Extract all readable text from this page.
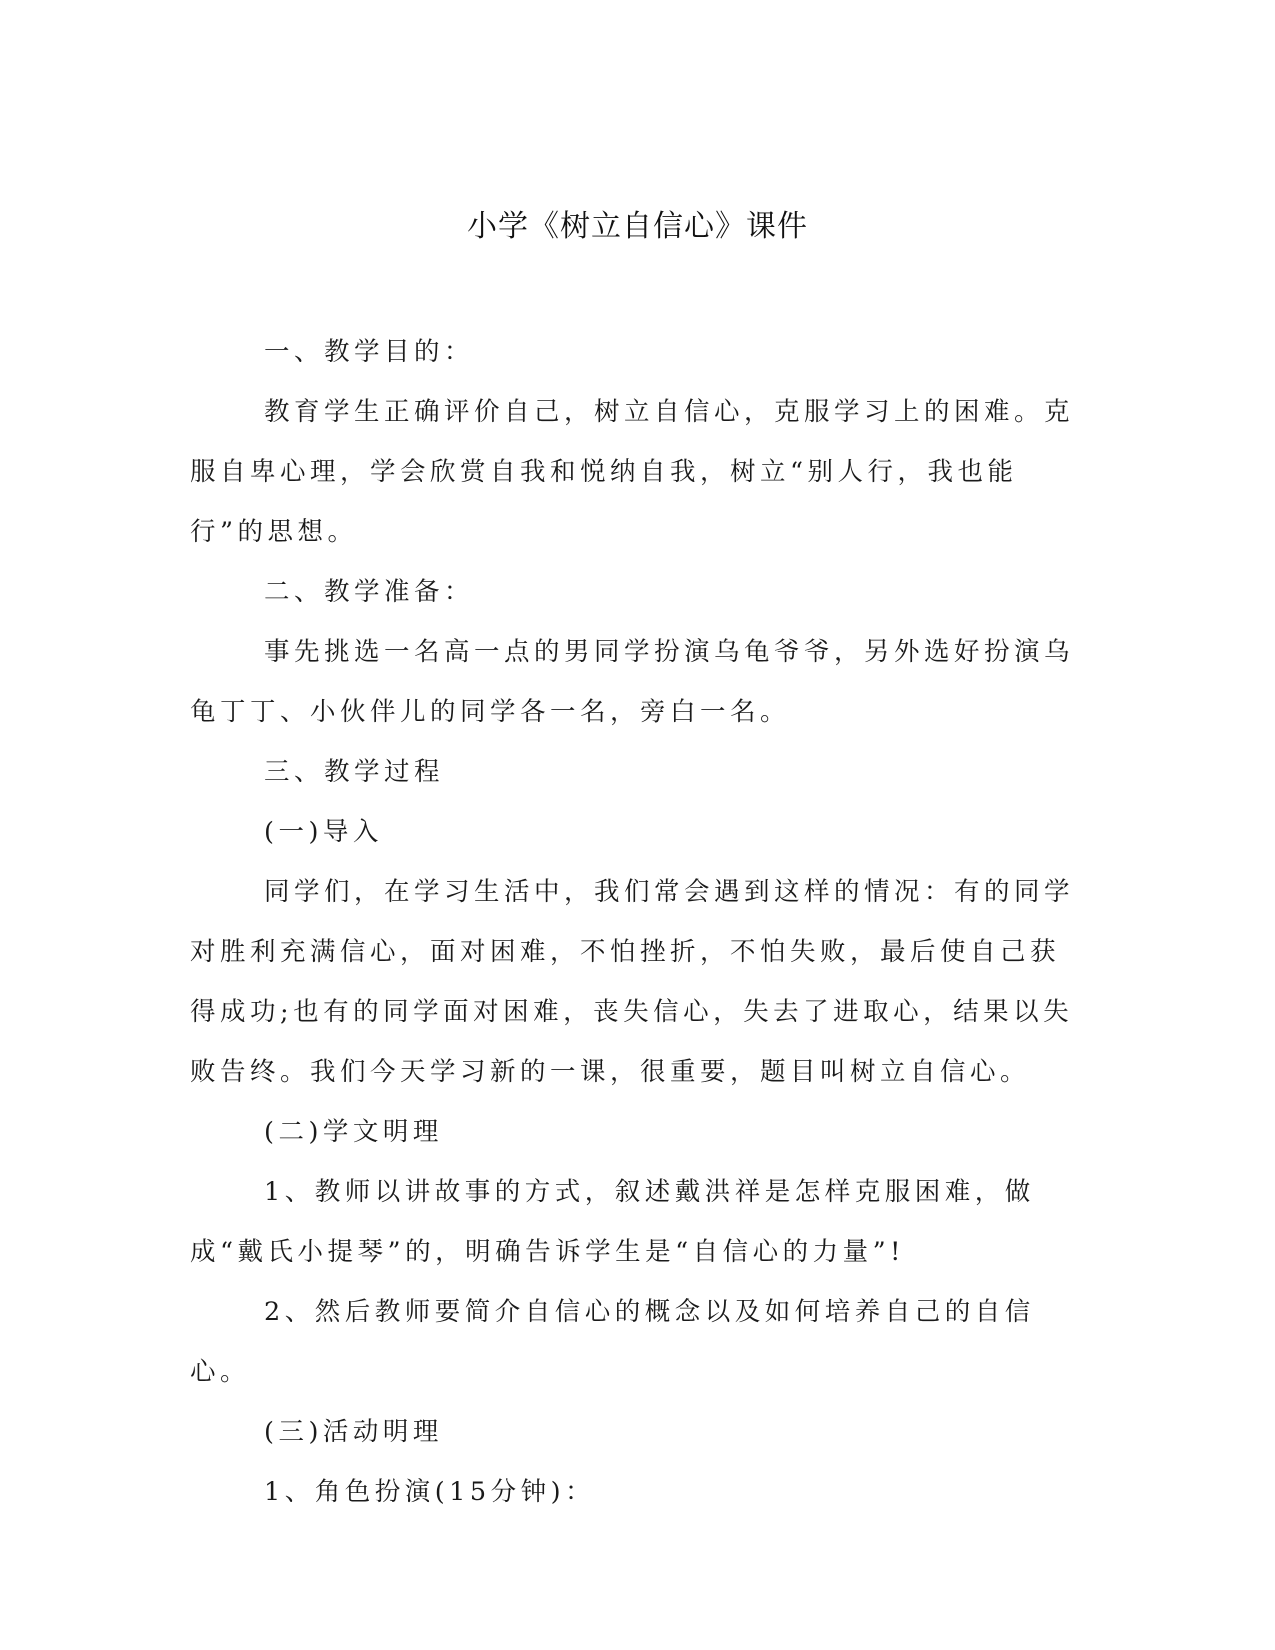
小学《树立自信心》课件

一、教学目的：

教育学生正确评价自己，树立自信心，克服学习上的困难。克服自卑心理，学会欣赏自我和悦纳自我，树立“别人行，我也能行”的思想。

二、教学准备：

事先挑选一名高一点的男同学扮演乌龟爷爷，另外选好扮演乌龟丁丁、小伙伴儿的同学各一名，旁白一名。

三、教学过程

(一)导入

同学们，在学习生活中，我们常会遇到这样的情况：有的同学对胜利充满信心，面对困难，不怕挫折，不怕失败，最后使自己获得成功;也有的同学面对困难，丧失信心，失去了进取心，结果以失败告终。我们今天学习新的一课，很重要，题目叫树立自信心。

(二)学文明理

1、教师以讲故事的方式，叙述戴洪祥是怎样克服困难，做成“戴氏小提琴”的，明确告诉学生是“自信心的力量”!

2、然后教师要简介自信心的概念以及如何培养自己的自信心。

(三)活动明理

1、角色扮演(15分钟)：
